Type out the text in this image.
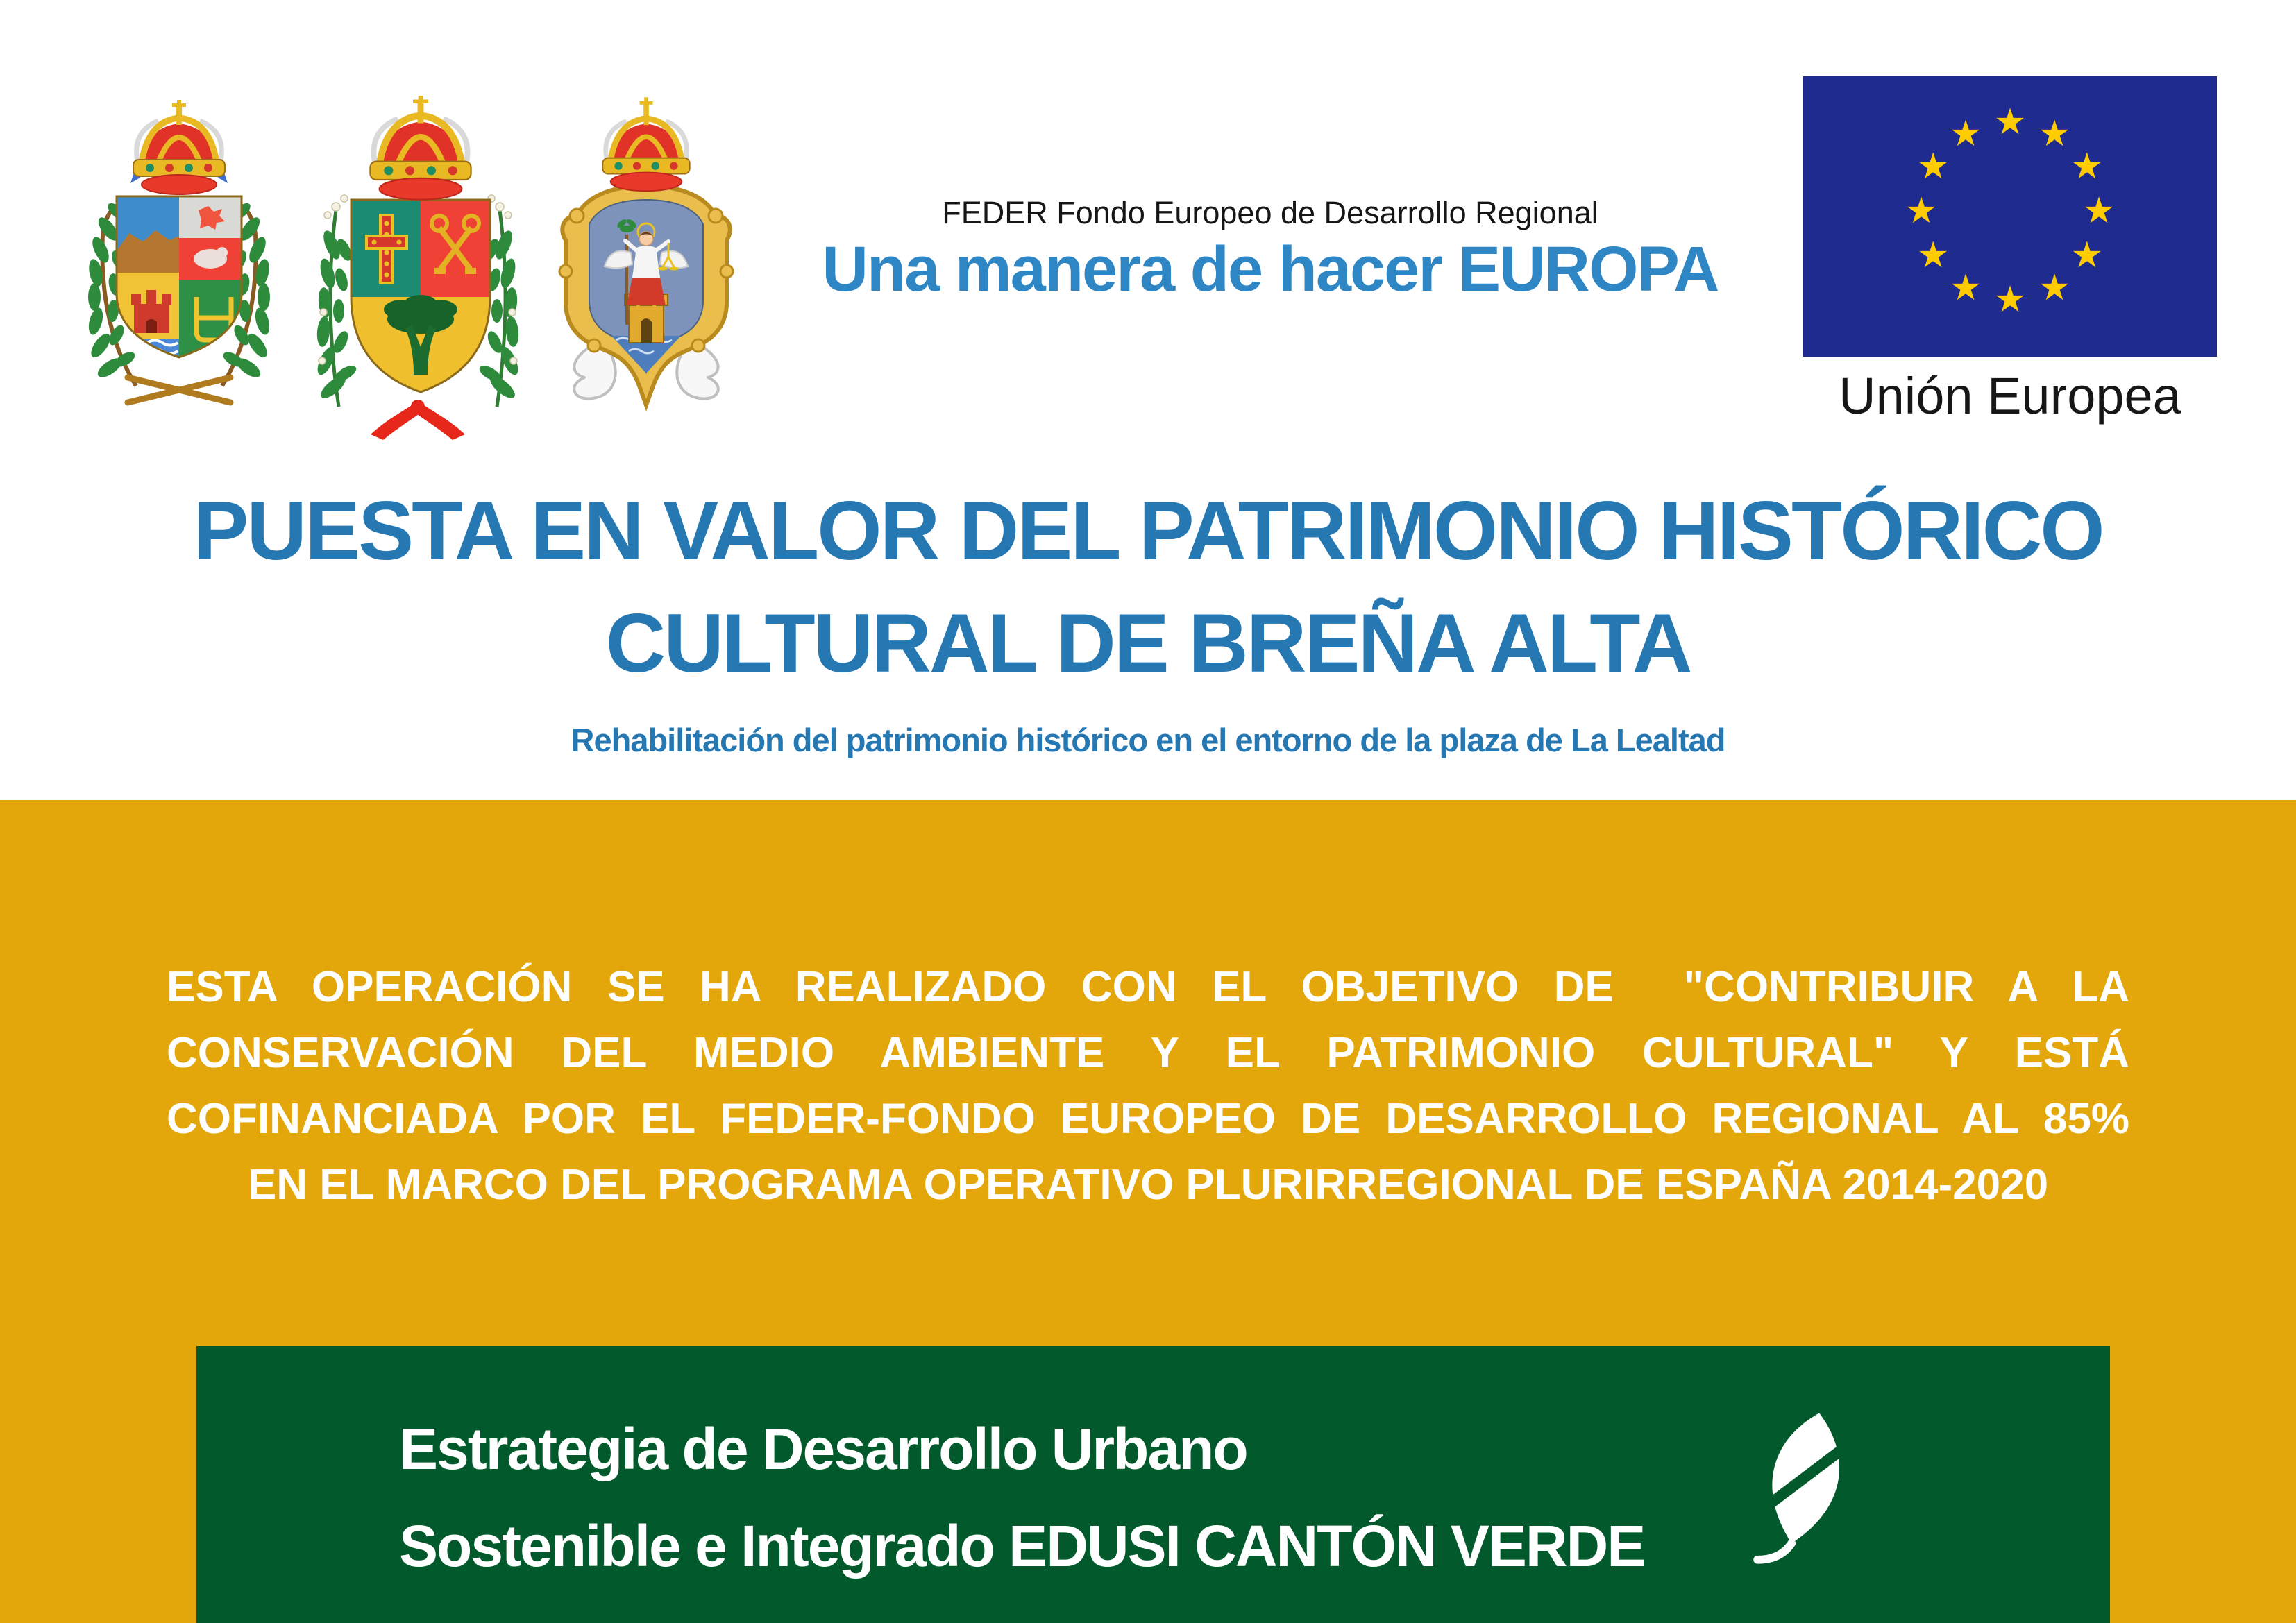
FEDER Fondo Europeo de Desarrollo Regional
Una manera de hacer EUROPA
★ ★
★
★
★
★
★
★
★
★
★
★
Unión Europea
PUESTA EN VALOR DEL PATRIMONIO HISTÓRICO
CULTURAL DE BREÑA ALTA
Rehabilitación del patrimonio histórico en el entorno de la plaza de La Lealtad
ESTA OPERACIÓN SE HA REALIZADO CON EL OBJETIVO DE  "CONTRIBUIR A LA
CONSERVACIÓN DEL MEDIO AMBIENTE Y EL PATRIMONIO CULTURAL" Y ESTÁ
COFINANCIADA POR EL FEDER-FONDO EUROPEO DE DESARROLLO REGIONAL AL 85%
EN EL MARCO DEL PROGRAMA OPERATIVO PLURIRREGIONAL DE ESPAÑA 2014-2020
Estrategia de Desarrollo Urbano
Sostenible e Integrado EDUSI CANTÓN VERDE
